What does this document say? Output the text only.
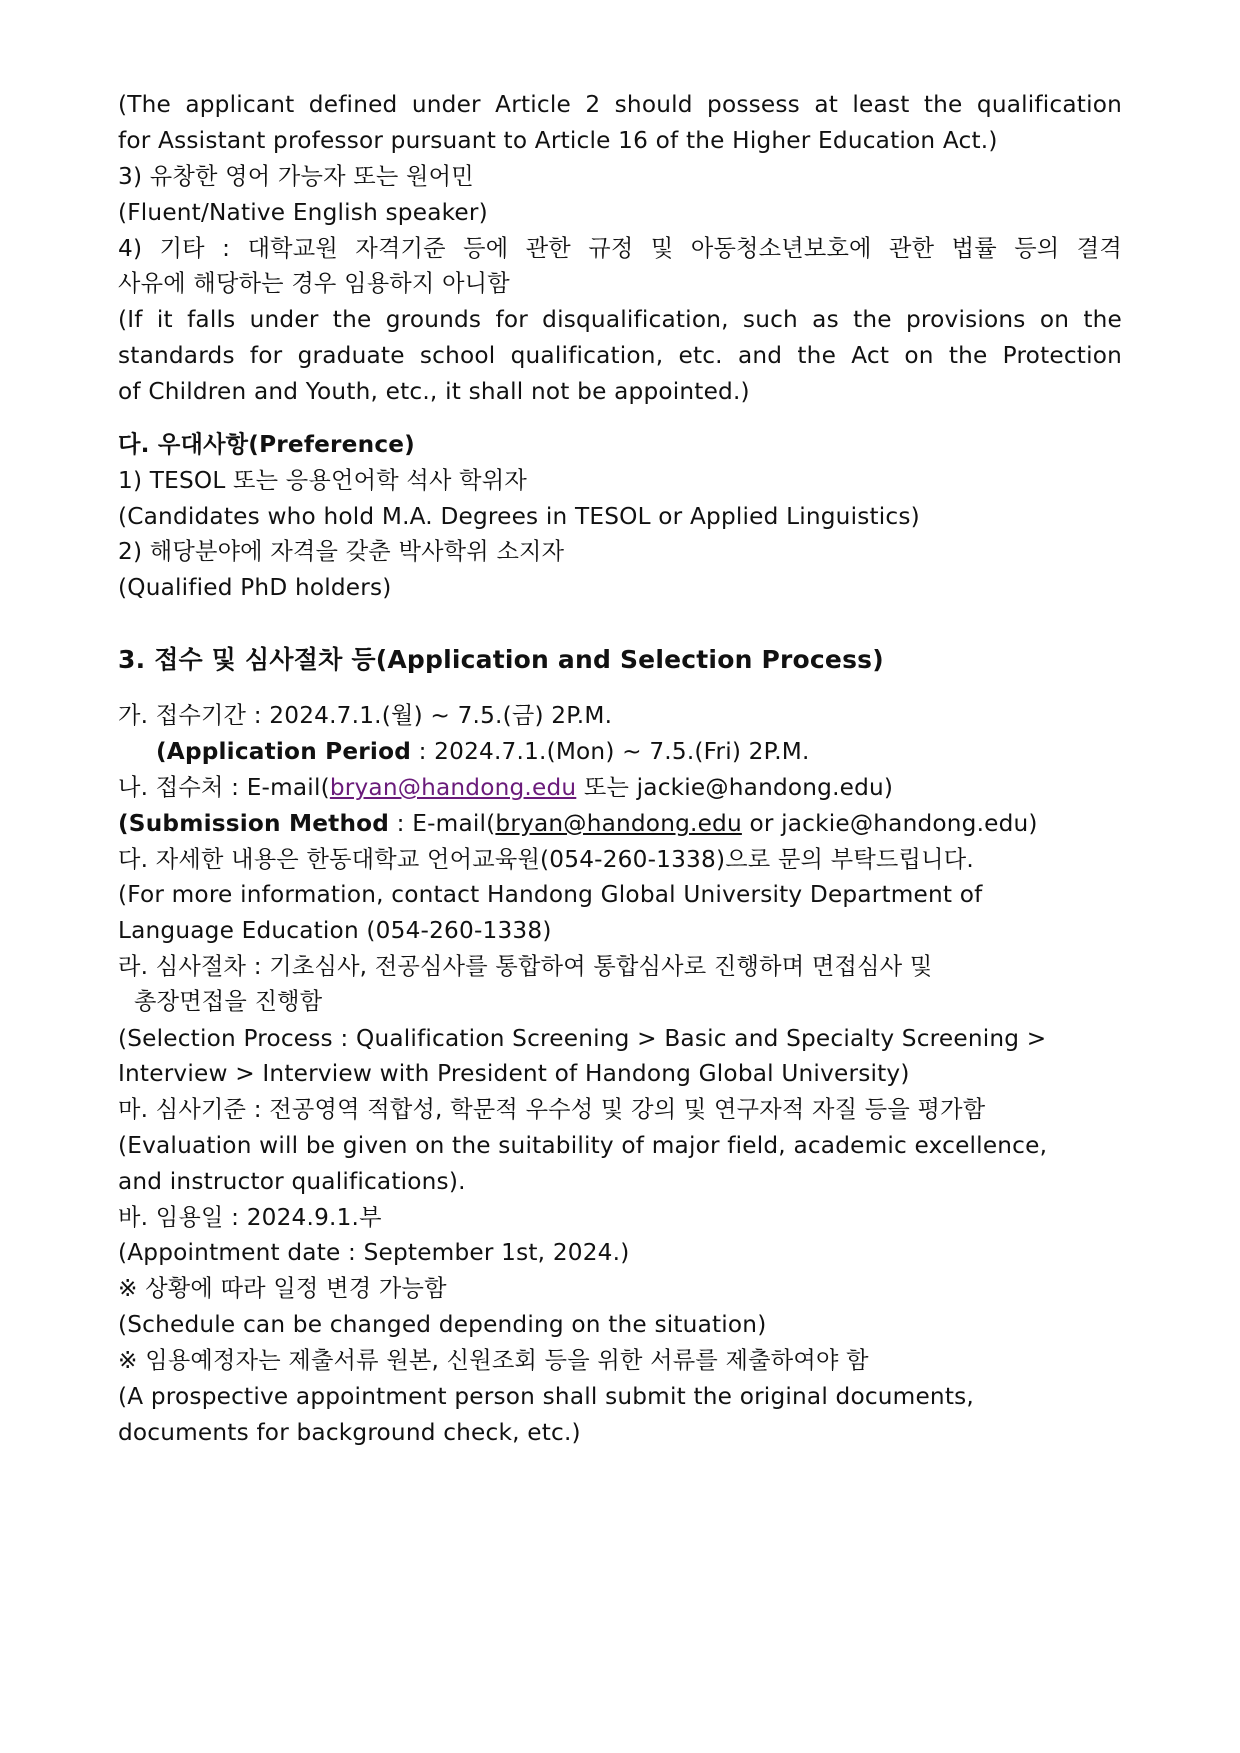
(The applicant defined under Article 2 should possess at least the qualification
for Assistant professor pursuant to Article 16 of the Higher Education Act.)
3) 유창한 영어 가능자 또는 원어민
(Fluent/Native English speaker)
4) 기타 : 대학교원 자격기준 등에 관한 규정 및 아동청소년보호에 관한 법률 등의 결격
사유에 해당하는 경우 임용하지 아니함
(If it falls under the grounds for disqualification, such as the provisions on the
standards for graduate school qualification, etc. and the Act on the Protection
of Children and Youth, etc., it shall not be appointed.)
다. 우대사항(Preference)
1) TESOL 또는 응용언어학 석사 학위자
(Candidates who hold M.A. Degrees in TESOL or Applied Linguistics)
2) 해당분야에 자격을 갖춘 박사학위 소지자
(Qualified PhD holders)
3. 접수 및 심사절차 등(Application and Selection Process)
가. 접수기간 : 2024.7.1.(월) ~ 7.5.(금) 2P.M.
(Application Period : 2024.7.1.(Mon) ~ 7.5.(Fri) 2P.M.
나. 접수처 : E-mail(bryan@handong.edu 또는 jackie@handong.edu)
(Submission Method : E-mail(bryan@handong.edu or jackie@handong.edu)
다. 자세한 내용은 한동대학교 언어교육원(054-260-1338)으로 문의 부탁드립니다.
(For more information, contact Handong Global University Department of
Language Education (054-260-1338)
라. 심사절차 : 기초심사, 전공심사를 통합하여 통합심사로 진행하며 면접심사 및
총장면접을 진행함
(Selection Process : Qualification Screening > Basic and Specialty Screening >
Interview > Interview with President of Handong Global University)
마. 심사기준 : 전공영역 적합성, 학문적 우수성 및 강의 및 연구자적 자질 등을 평가함
(Evaluation will be given on the suitability of major field, academic excellence,
and instructor qualifications).
바. 임용일 : 2024.9.1.부
(Appointment date : September 1st, 2024.)
※ 상황에 따라 일정 변경 가능함
(Schedule can be changed depending on the situation)
※ 임용예정자는 제출서류 원본, 신원조회 등을 위한 서류를 제출하여야 함
(A prospective appointment person shall submit the original documents,
documents for background check, etc.)
